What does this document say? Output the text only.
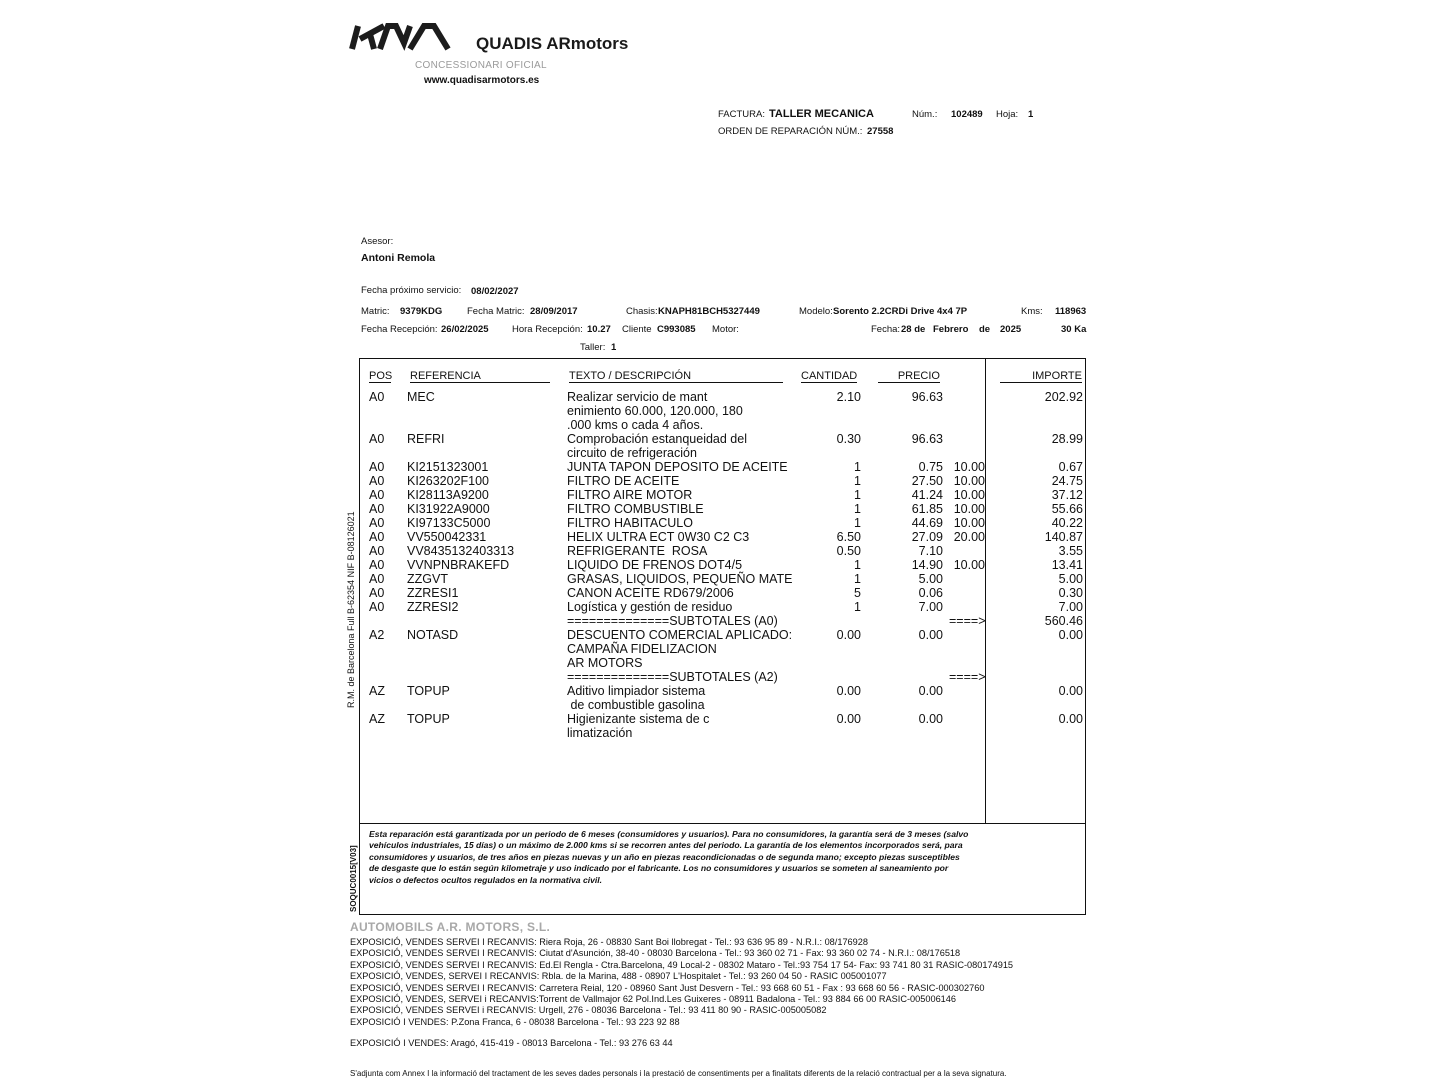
QUADIS ARmotors
CONCESSIONARI OFICIAL
www.quadisarmotors.es
FACTURA: TALLER MECANICA	Núm.: 102489 Hoja: 1
ORDEN DE REPARACIÓN NÚM.: 27558
Asesor:
Antoni Remola
Fecha próximo servicio: 08/02/2027
Matric: 9379KDG	Fecha Matric: 28/09/2017	Chasis: KNAPH81BCH5327449	Modelo: Sorento 2.2CRDi Drive 4x4 7P	Kms: 118963
Fecha Recepción: 26/02/2025 Hora Recepción: 10.27 Cliente C993085 Motor:	Fecha: 28 de Febrero de 2025	30 Ka
Taller: 1
POS REFERENCIA	TEXTO / DESCRIPCIÓN	CANTIDAD	PRECIO	IMPORTE
A0 MEC	Realizar servicio de mant
enimiento 60.000, 120.000, 180
.000 kms o cada 4 años.
2.10	96.63	202.92
A0 REFRI	Comprobación estanqueidad del
circuito de refrigeración
0.30	96.63	28.99
A0 KI2151323001	JUNTA TAPON DEPOSITO DE ACEITE	1	0.75 10.00	0.67
A0 KI263202F100	FILTRO DE ACEITE	1	27.50 10.00	24.75
A0 KI28113A9200	FILTRO AIRE MOTOR	1	41.24 10.00	37.12
A0 KI31922A9000	FILTRO COMBUSTIBLE	1	61.85 10.00	55.66
A0 KI97133C5000	FILTRO HABITACULO	1	44.69 10.00	40.22
A0 VV550042331	HELIX ULTRA ECT 0W30 C2 C3	6.50	27.09 20.00	140.87
A0 VV8435132403313	REFRIGERANTE  ROSA	0.50	7.10	3.55
A0 VVNPNBRAKEFD	LIQUIDO DE FRENOS DOT4/5	1	14.90 10.00	13.41
A0 ZZGVT	GRASAS, LIQUIDOS, PEQUEÑO MATE	1	5.00	5.00
A0 ZZRESI1	CANON ACEITE RD679/2006	5	0.06	0.30
A0 ZZRESI2	Logística y gestión de residuo	1	7.00	7.00
==============SUBTOTALES (A0)	====>	560.46
A2 NOTASD	DESCUENTO COMERCIAL APLICADO:
CAMPAÑA FIDELIZACION
AR MOTORS
0.00	0.00	0.00
==============SUBTOTALES (A2)	====>
AZ TOPUP	Aditivo limpiador sistema
de combustible gasolina
0.00	0.00	0.00
AZ TOPUP	Higienizante sistema de c
limatización
0.00	0.00	0.00
Esta reparación está garantizada por un periodo de 6 meses (consumidores y usuarios). Para no consumidores, la garantía será de 3 meses (salvo vehículos industriales, 15 días) o un máximo de 2.000 kms si se recorren antes del periodo. La garantía de los elementos incorporados será, para consumidores y usuarios, de tres años en piezas nuevas y un año en piezas reacondicionadas o de segunda mano; excepto piezas susceptibles de desgaste que lo están según kilometraje y uso indicado por el fabricante. Los no consumidores y usuarios se someten al saneamiento por vicios o defectos ocultos regulados en la normativa civil.
R.M. de Barcelona Full B-62354 NIF B-08126021
SOQUC0015[V03]
AUTOMOBILS A.R. MOTORS, S.L.
EXPOSICIÓ, VENDES SERVEI I RECANVIS: Riera Roja, 26 - 08830 Sant Boi llobregat - Tel.: 93 636 95 89 - N.R.I.: 08/176928
EXPOSICIÓ, VENDES SERVEI I RECANVIS: Ciutat d'Asunción, 38-40 - 08030 Barcelona - Tel.: 93 360 02 71 - Fax: 93 360 02 74 - N.R.I.: 08/176518
EXPOSICIÓ, VENDES SERVEI I RECANVIS: Ed.El Rengla - Ctra.Barcelona, 49 Local-2 - 08302 Mataro - Tel.:93 754 17 54- Fax: 93 741 80 31 RASIC-080174915
EXPOSICIÓ, VENDES, SERVEI I RECANVIS: Rbla. de la Marina, 488 - 08907 L'Hospitalet - Tel.: 93 260 04 50 - RASIC 005001077
EXPOSICIÓ, VENDES SERVEI I RECANVIS: Carretera Reial, 120 - 08960 Sant Just Desvern - Tel.: 93 668 60 51 - Fax : 93 668 60 56 - RASIC-000302760
EXPOSICIÓ, VENDES, SERVEI i RECANVIS:Torrent de Vallmajor 62 Pol.Ind.Les Guixeres - 08911 Badalona - Tel.: 93 884 66 00 RASIC-005006146
EXPOSICIÓ, VENDES SERVEI i RECANVIS: Urgell, 276 - 08036 Barcelona - Tel.: 93 411 80 90 - RASIC-005005082
EXPOSICIÓ I VENDES: P.Zona Franca, 6 - 08038 Barcelona - Tel.: 93 223 92 88
EXPOSICIÓ I VENDES: Aragó, 415-419 - 08013 Barcelona - Tel.: 93 276 63 44
S'adjunta com Annex I la informació del tractament de les seves dades personals i la prestació de consentiments per a finalitats diferents de la relació contractual per a la seva signatura.
